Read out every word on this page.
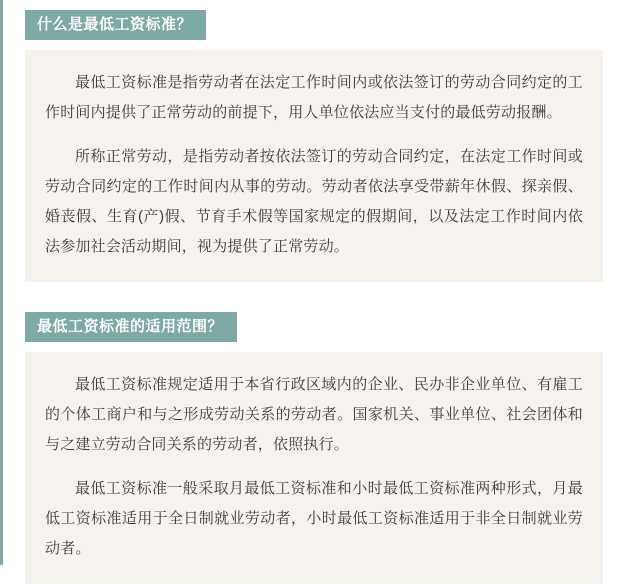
什么是最低工资标准？

最低工资标准是指劳动者在法定工作时间内或依法签订的劳动合同约定的工作时间内提供了正常劳动的前提下，用人单位依法应当支付的最低劳动报酬。

所称正常劳动，是指劳动者按依法签订的劳动合同约定，在法定工作时间或劳动合同约定的工作时间内从事的劳动。劳动者依法享受带薪年休假、探亲假、婚丧假、生育(产)假、节育手术假等国家规定的假期间，以及法定工作时间内依法参加社会活动期间，视为提供了正常劳动。

最低工资标准的适用范围？

最低工资标准规定适用于本省行政区域内的企业、民办非企业单位、有雇工的个体工商户和与之形成劳动关系的劳动者。国家机关、事业单位、社会团体和与之建立劳动合同关系的劳动者，依照执行。

最低工资标准一般采取月最低工资标准和小时最低工资标准两种形式，月最低工资标准适用于全日制就业劳动者，小时最低工资标准适用于非全日制就业劳动者。
